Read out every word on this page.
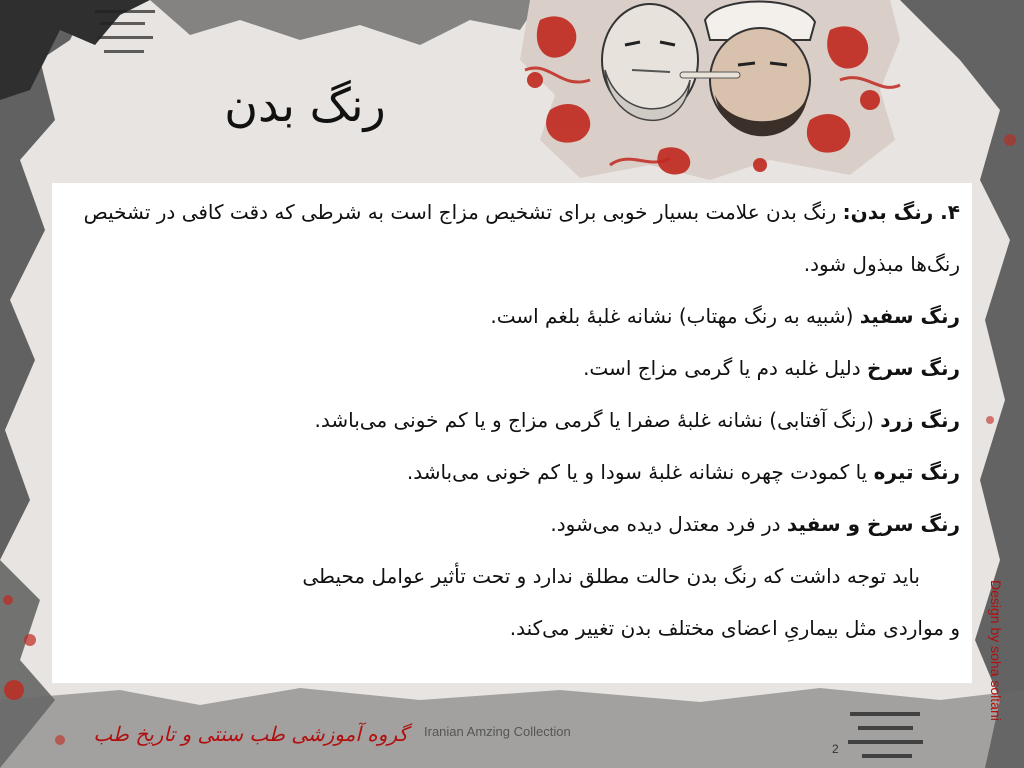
رنگ بدن

۴. رنگ بدن: رنگ بدن علامت بسیار خوبی برای تشخیص مزاج است به شرطی که دقت کافی در تشخیص رنگ‌ها مبذول شود.

رنگ سفید (شبیه به رنگ مهتاب) نشانه غلبهٔ بلغم است.

رنگ سرخ دلیل غلبه دم یا گرمی مزاج است.

رنگ زرد (رنگ آفتابی) نشانه غلبهٔ صفرا یا گرمی مزاج و یا کم خونی می‌باشد.

رنگ تیره یا کمودت چهره نشانه غلبهٔ سودا و یا کم خونی می‌باشد.

رنگ سرخ و سفید در فرد معتدل دیده می‌شود.

باید توجه داشت که رنگ بدن حالت مطلق ندارد و تحت تأثیر عوامل محیطی

و مواردی مثل بیماریِ اعضای مختلف بدن تغییر می‌کند.

گروه آموزشی طب سنتی و تاریخ طب Iranian Amzing Collection
2
Design by soha soltani
